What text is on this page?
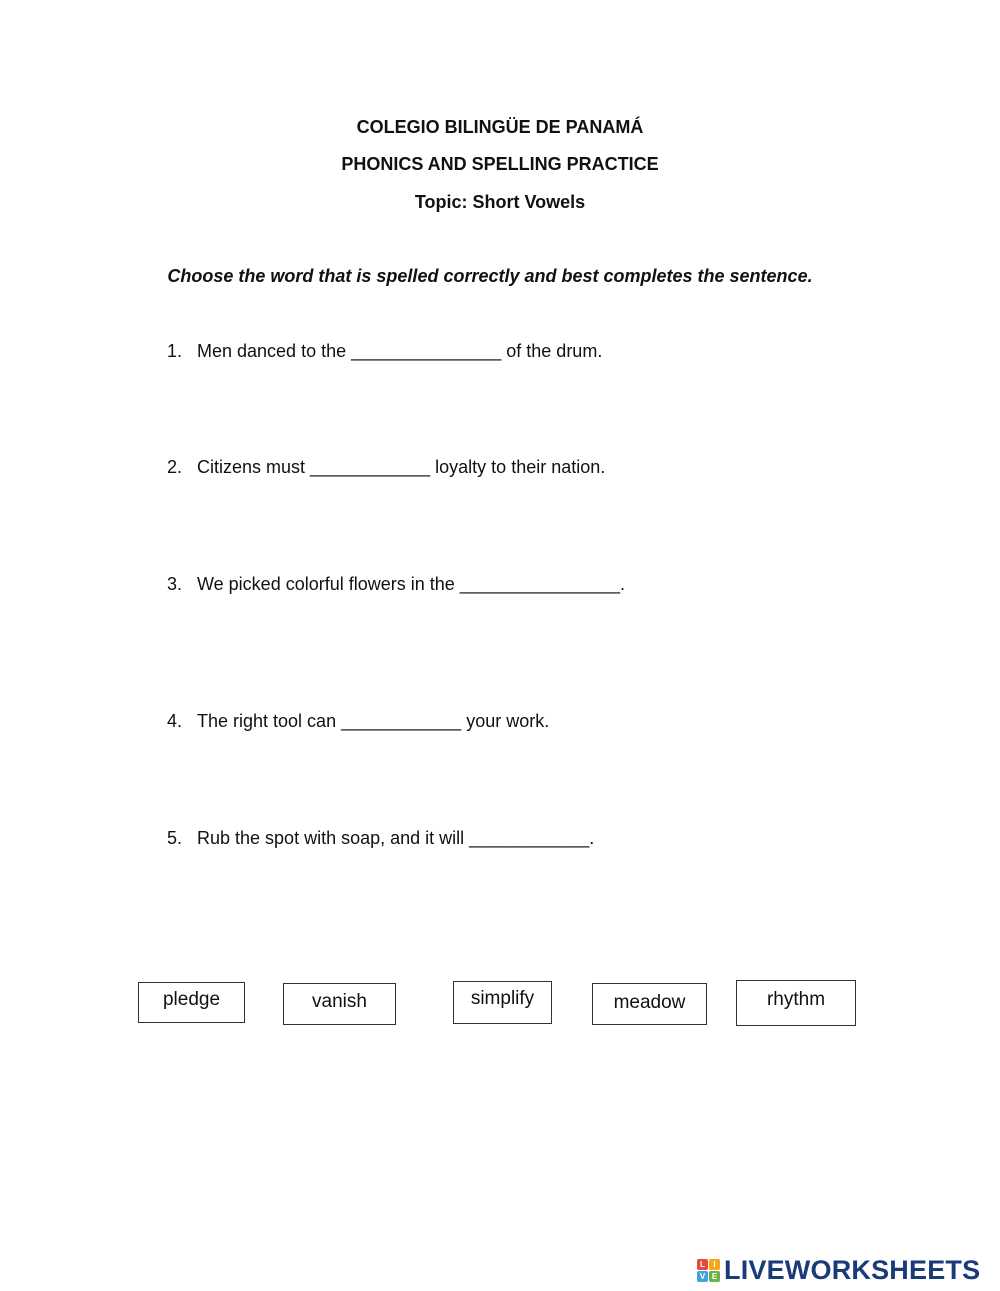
COLEGIO BILINGÜE DE PANAMÁ
PHONICS AND SPELLING PRACTICE
Topic: Short Vowels
Choose the word that is spelled correctly and best completes the sentence.
1. Men danced to the _______________ of the drum.
2. Citizens must ____________ loyalty to their nation.
3. We picked colorful flowers in the ________________.
4. The right tool can ____________ your work.
5. Rub the spot with soap, and it will ____________.
pledge	vanish	simplify	meadow	rhythm
L	I
V E LIVEWORKSHEETS
